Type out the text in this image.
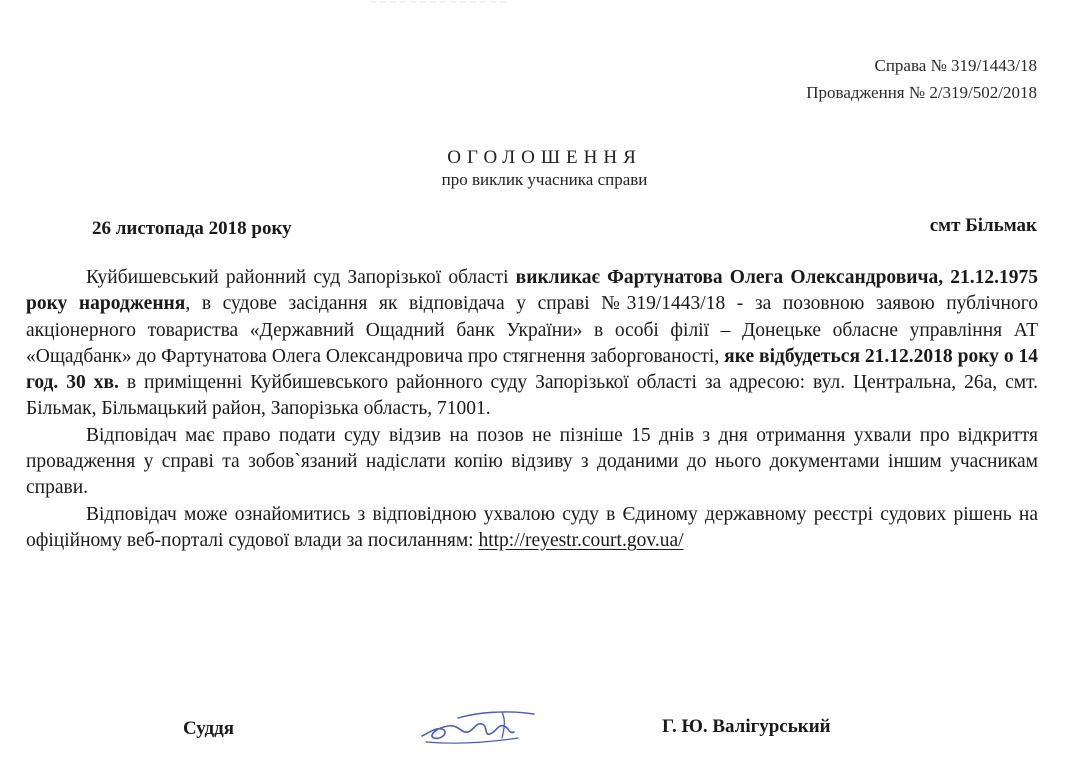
Справа № 319/1443/18
Провадження № 2/319/502/2018
ОГОЛОШЕННЯ
про виклик учасника справи
26 листопада 2018 року	смт Більмак

Куйбишевський районний суд Запорізької області викликає Фартунатова Олега Олександровича, 21.12.1975 року народження, в судове засідання як відповідача у справі №319/1443/18 - за позовною заявою публічного акціонерного товариства «Державний Ощадний банк України» в особі філії – Донецьке обласне управління АТ «Ощадбанк» до Фартунатова Олега Олександровича про стягнення заборгованості, яке відбудеться 21.12.2018 року о 14 год. 30 хв. в приміщенні Куйбишевського районного суду Запорізької області за адресою: вул. Центральна, 26а, смт. Більмак, Більмацький район, Запорізька область, 71001.

Відповідач має право подати суду відзив на позов не пізніше 15 днів з дня отримання ухвали про відкриття провадження у справі та зобов`язаний надіслати копію відзиву з доданими до нього документами іншим учасникам справи.

Відповідач може ознайомитись з відповідною ухвалою суду в Єдиному державному реєстрі судових рішень на офіційному веб-порталі судової влади за посиланням: http://reyestr.court.gov.ua/

Суддя	Г. Ю. Валігурський
